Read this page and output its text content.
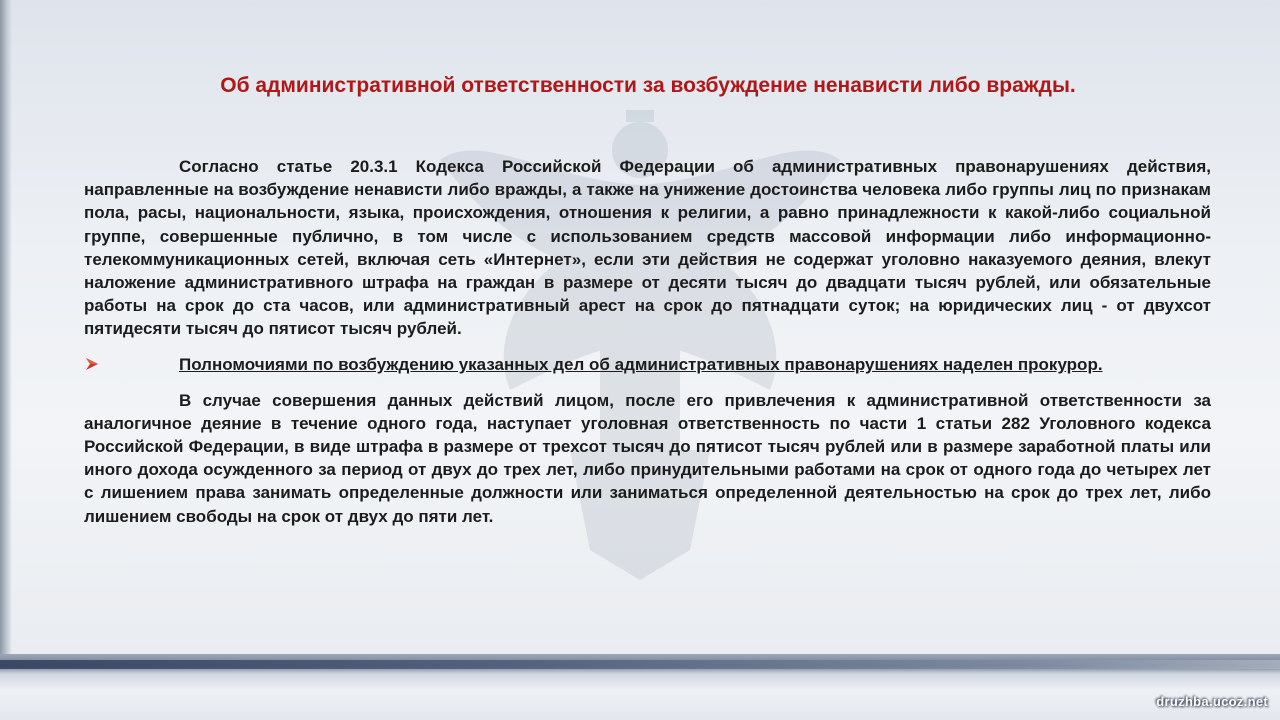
Об административной ответственности за возбуждение ненависти либо вражды.

Согласно статье 20.3.1 Кодекса Российской Федерации об административных правонарушениях действия, направленные на возбуждение ненависти либо вражды, а также на унижение достоинства человека либо группы лиц по признакам пола, расы, национальности, языка, происхождения, отношения к религии, а равно принадлежности к какой-либо социальной группе, совершенные публично, в том числе с использованием средств массовой информации либо информационно-телекоммуникационных сетей, включая сеть «Интернет», если эти действия не содержат уголовно наказуемого деяния, влекут наложение административного штрафа на граждан в размере от десяти тысяч до двадцати тысяч рублей, или обязательные работы на срок до ста часов, или административный арест на срок до пятнадцати суток; на юридических лиц - от двухсот пятидесяти тысяч до пятисот тысяч рублей.

Полномочиями по возбуждению указанных дел об административных правонарушениях наделен прокурор.

В случае совершения данных действий лицом, после его привлечения к административной ответственности за аналогичное деяние в течение одного года, наступает уголовная ответственность по части 1 статьи 282 Уголовного кодекса Российской Федерации, в виде штрафа в размере от трехсот тысяч до пятисот тысяч рублей или в размере заработной платы или иного дохода осужденного за период от двух до трех лет, либо принудительными работами на срок от одного года до четырех лет с лишением права занимать определенные должности или заниматься определенной деятельностью на срок до трех лет, либо лишением свободы на срок от двух до пяти лет.

druzhba.ucoz.net
